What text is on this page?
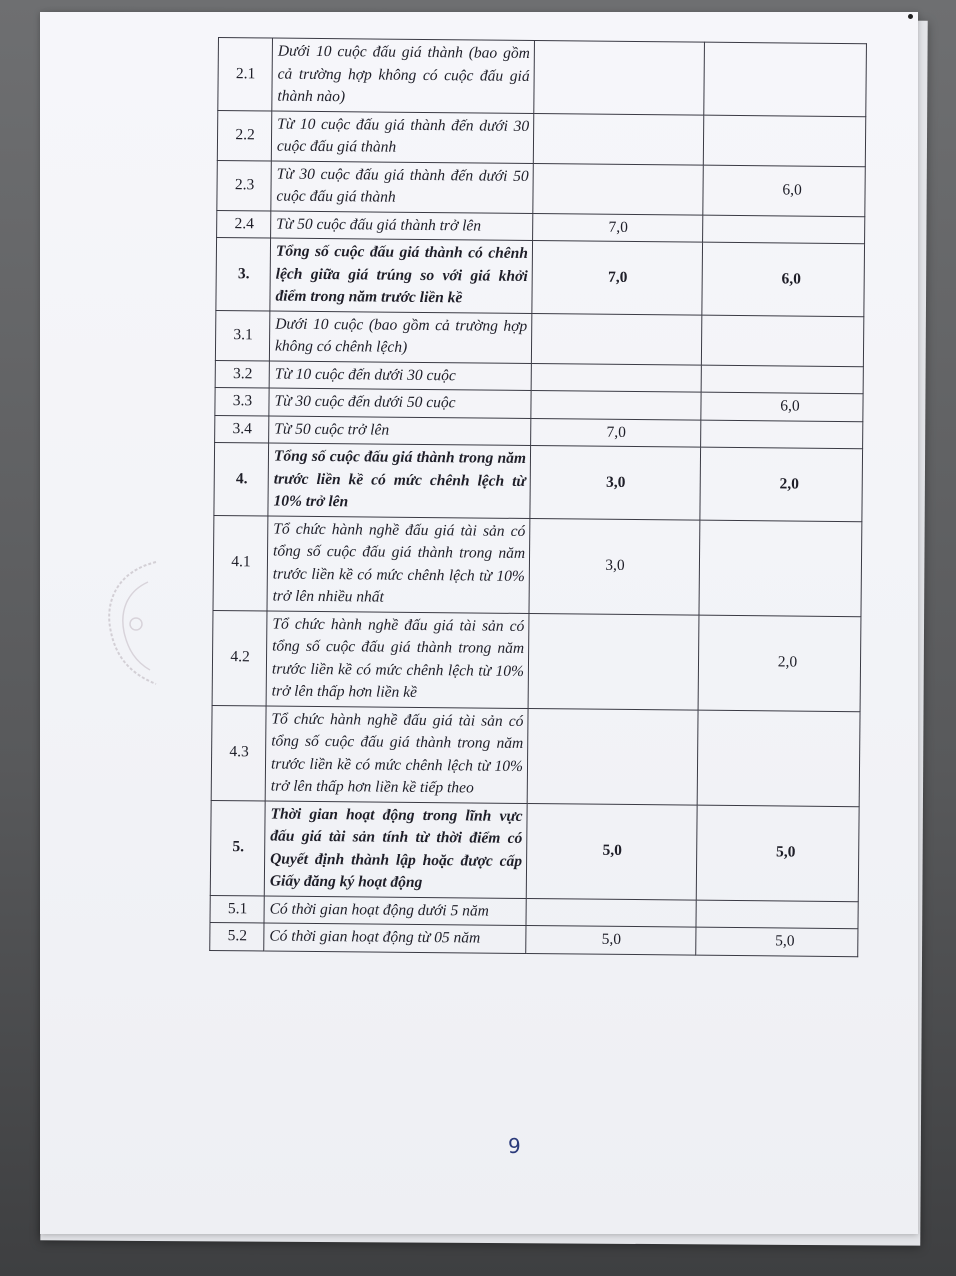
2.1	Dưới 10 cuộc đấu giá thành (bao gồm cả trường hợp không có cuộc đấu giá thành nào)		
2.2	Từ 10 cuộc đấu giá thành đến dưới 30 cuộc đấu giá thành		
2.3	Từ 30 cuộc đấu giá thành đến dưới 50 cuộc đấu giá thành		6,0
2.4	Từ 50 cuộc đấu giá thành trở lên	7,0	
3.	Tổng số cuộc đấu giá thành có chênh lệch giữa giá trúng so với giá khởi điểm trong năm trước liền kề	7,0	6,0
3.1	Dưới 10 cuộc (bao gồm cả trường hợp không có chênh lệch)		
3.2	Từ 10 cuộc đến dưới 30 cuộc		
3.3	Từ 30 cuộc đến dưới 50 cuộc		6,0
3.4	Từ 50 cuộc trở lên	7,0	
4.	Tổng số cuộc đấu giá thành trong năm trước liền kề có mức chênh lệch từ 10% trở lên	3,0	2,0
4.1	Tổ chức hành nghề đấu giá tài sản có tổng số cuộc đấu giá thành trong năm trước liền kề có mức chênh lệch từ 10% trở lên nhiều nhất	3,0	
4.2	Tổ chức hành nghề đấu giá tài sản có tổng số cuộc đấu giá thành trong năm trước liền kề có mức chênh lệch từ 10% trở lên thấp hơn liền kề		2,0
4.3	Tổ chức hành nghề đấu giá tài sản có tổng số cuộc đấu giá thành trong năm trước liền kề có mức chênh lệch từ 10% trở lên thấp hơn liền kề tiếp theo		
5.	Thời gian hoạt động trong lĩnh vực đấu giá tài sản tính từ thời điểm có Quyết định thành lập hoặc được cấp Giấy đăng ký hoạt động	5,0	5,0
5.1	Có thời gian hoạt động dưới 5 năm		
5.2	Có thời gian hoạt động từ 05 năm	5,0	5,0
9
